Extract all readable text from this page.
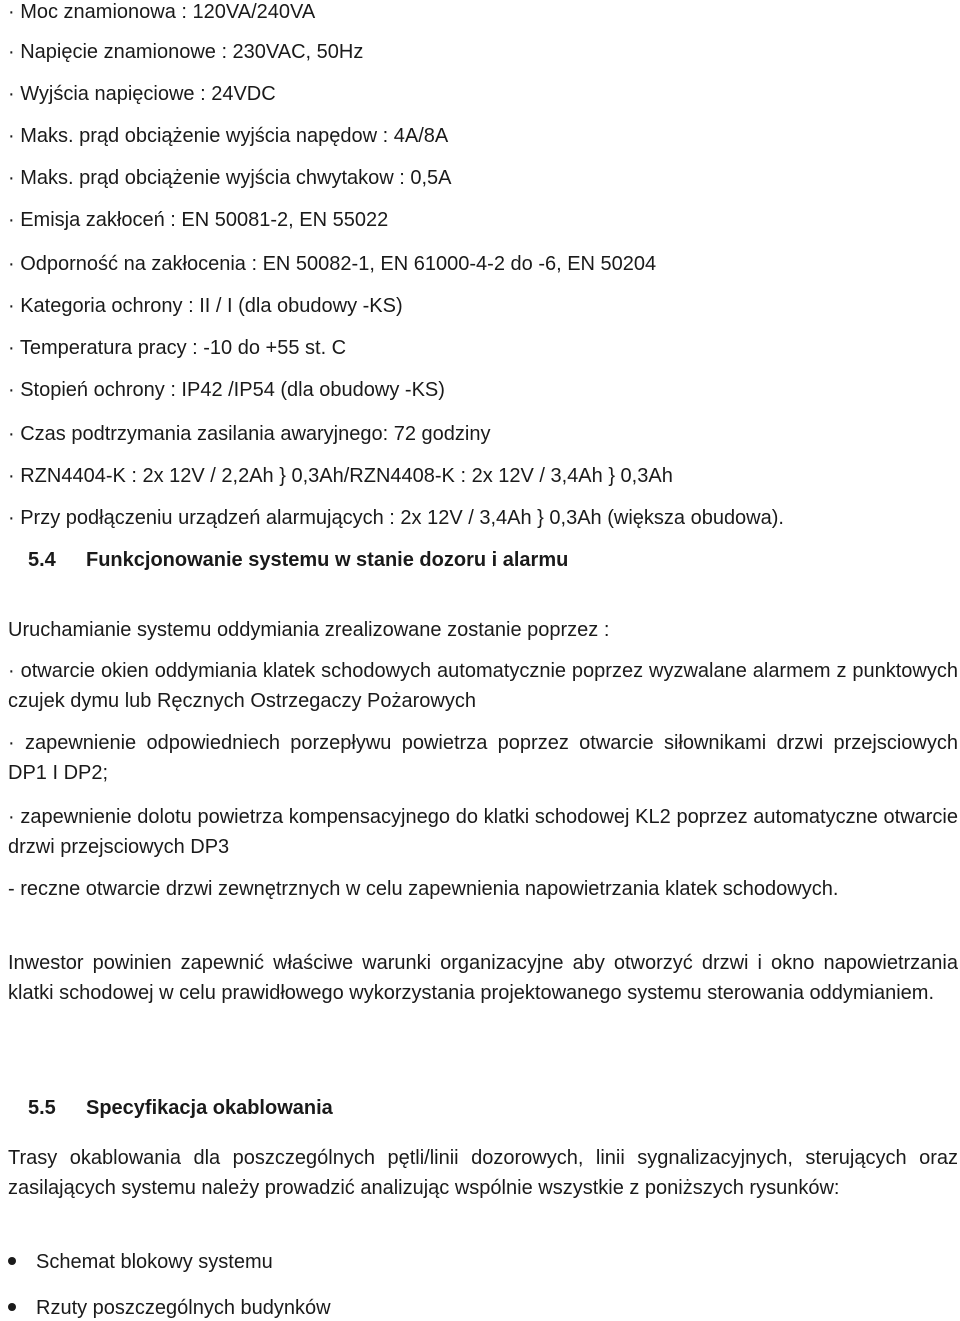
· Moc znamionowa : 120VA/240VA
· Napięcie znamionowe : 230VAC, 50Hz
· Wyjścia napięciowe : 24VDC
· Maks. prąd obciążenie wyjścia napędow : 4A/8A
· Maks. prąd obciążenie wyjścia chwytakow : 0,5A
· Emisja zakłoceń : EN 50081-2, EN 55022
· Odporność na zakłocenia : EN 50082-1, EN 61000-4-2 do -6, EN 50204
· Kategoria ochrony : II / I (dla obudowy -KS)
· Temperatura pracy : -10 do +55 st. C
· Stopień ochrony : IP42 /IP54 (dla obudowy -KS)
· Czas podtrzymania zasilania awaryjnego: 72 godziny
· RZN4404-K : 2x 12V / 2,2Ah } 0,3Ah/RZN4408-K : 2x 12V / 3,4Ah } 0,3Ah
· Przy podłączeniu urządzeń alarmujących : 2x 12V / 3,4Ah } 0,3Ah (większa obudowa).
5.4 Funkcjonowanie systemu w stanie dozoru i alarmu
Uruchamianie systemu oddymiania zrealizowane zostanie poprzez :
· otwarcie okien oddymiania klatek schodowych automatycznie poprzez wyzwalane alarmem z punktowych czujek dymu lub Ręcznych Ostrzegaczy Pożarowych
· zapewnienie odpowiedniech porzepływu powietrza poprzez otwarcie siłownikami drzwi przejsciowych DP1 I DP2;
· zapewnienie dolotu powietrza kompensacyjnego do klatki schodowej KL2 poprzez automatyczne otwarcie drzwi przejsciowych DP3
- reczne otwarcie drzwi zewnętrznych w celu zapewnienia napowietrzania klatek schodowych.
Inwestor powinien zapewnić właściwe warunki organizacyjne aby otworzyć drzwi i okno napowietrzania klatki schodowej w celu prawidłowego wykorzystania projektowanego systemu sterowania oddymianiem.
5.5 Specyfikacja okablowania
Trasy okablowania dla poszczególnych pętli/linii dozorowych, linii sygnalizacyjnych, sterujących oraz zasilających systemu należy prowadzić analizując wspólnie wszystkie z poniższych rysunków:
Schemat blokowy systemu
Rzuty poszczególnych budynków
